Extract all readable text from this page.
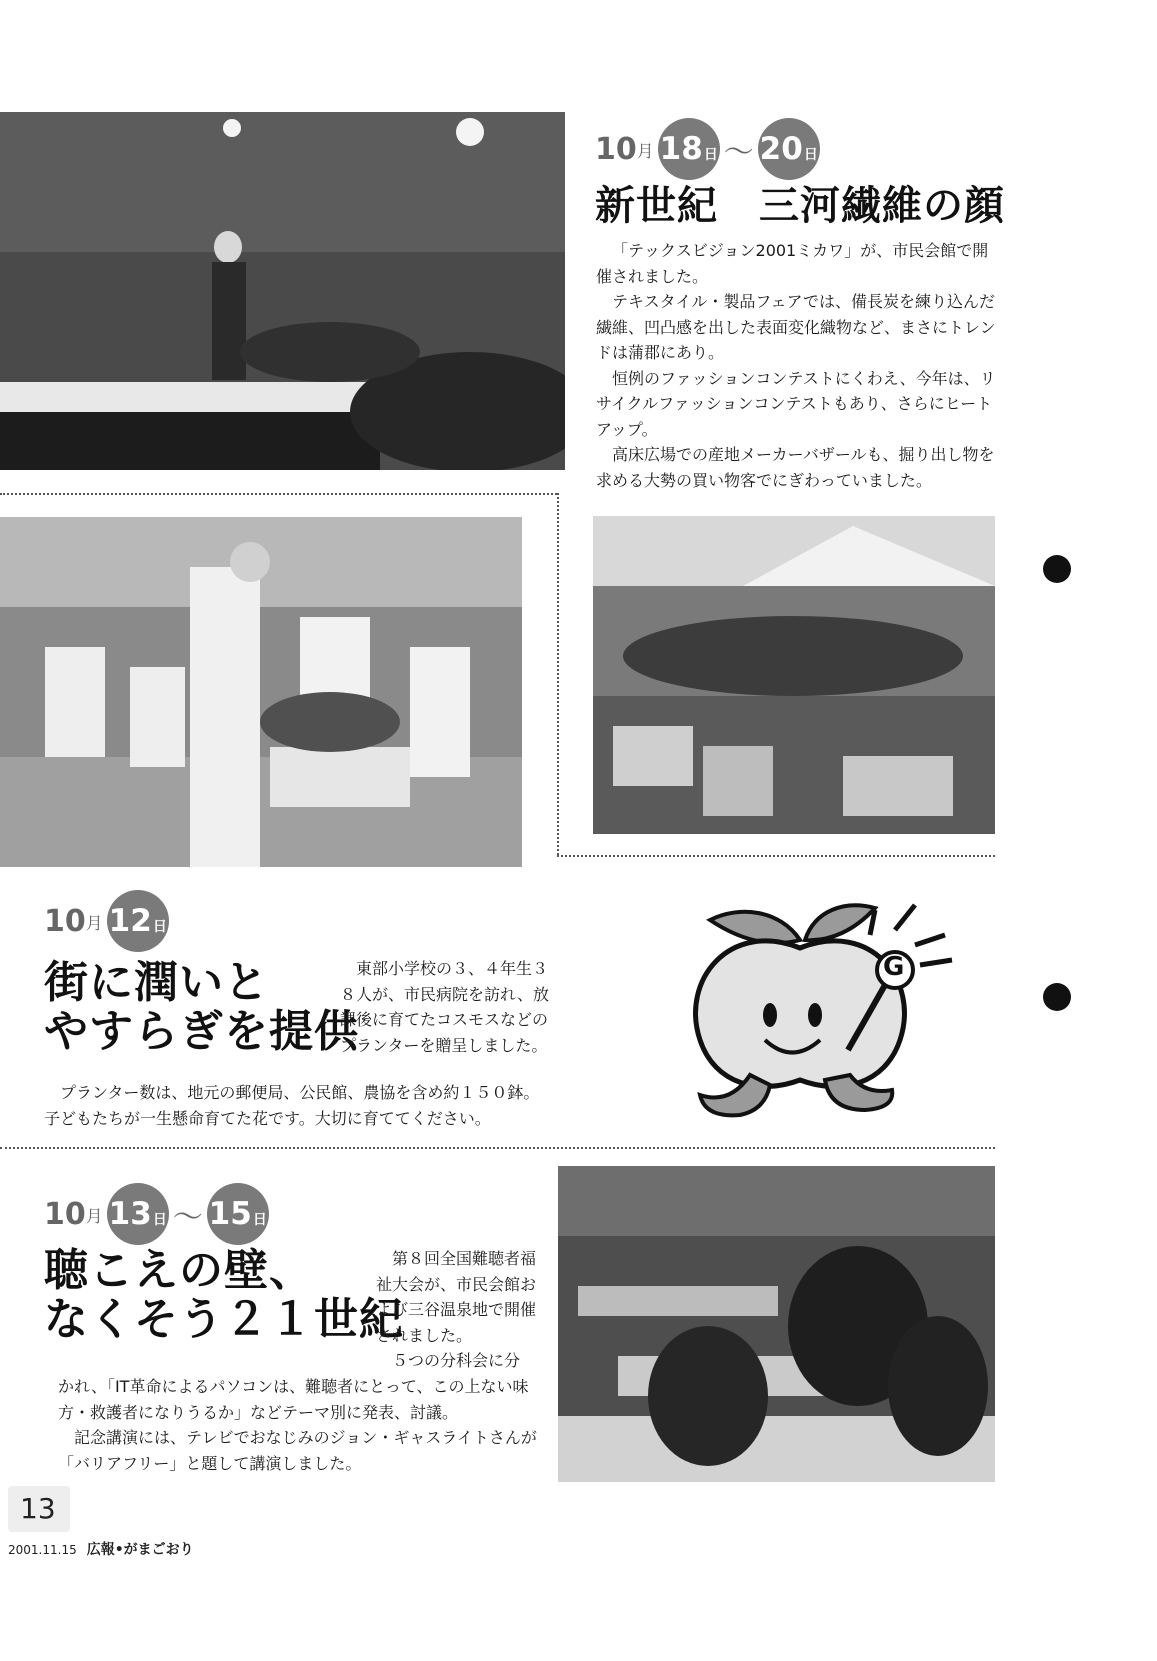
10 月 18 日 ～ 20 日
新世紀　三河繊維の顔

「テックスビジョン2001ミカワ」が、市民会館で開催されました。

テキスタイル・製品フェアでは、備長炭を練り込んだ繊維、凹凸感を出した表面変化織物など、まさにトレンドは蒲郡にあり。

恒例のファッションコンテストにくわえ、今年は、リサイクルファッションコンテストもあり、さらにヒートアップ。

高床広場での産地メーカーバザールも、掘り出し物を求める大勢の買い物客でにぎわっていました。

10 月 12 日
街に潤いと
やすらぎを提供
東部小学校の３、４年生３８人が、市民病院を訪れ、放課後に育てたコスモスなどのプランターを贈呈しました。

プランター数は、地元の郵便局、公民館、農協を含め約１５０鉢。

子どもたちが一生懸命育てた花です。大切に育ててください。
G
10 月 13 日 ～ 15 日
聴こえの壁、
なくそう２１世紀
第８回全国難聴者福祉大会が、市民会館および三谷温泉地で開催されました。
５つの分科会に分
かれ、「IT革命によるパソコンは、難聴者にとって、この上ない味方・救護者になりうるか」などテーマ別に発表、討議。

記念講演には、テレビでおなじみのジョン・ギャスライトさんが「バリアフリー」と題して講演しました。

13
2001.11.15 広報•がまごおり
